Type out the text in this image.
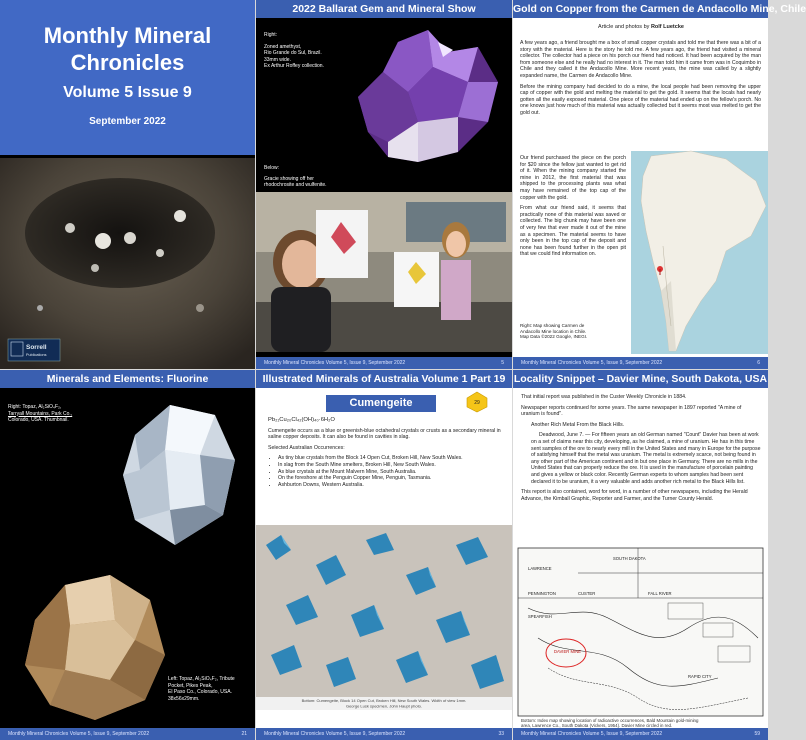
Monthly Mineral Chronicles
Volume 5 Issue 9
September 2022
Sorrell
Publications
2022 Ballarat Gem and Mineral Show
Right:
Zoned amethyst,
Rio Grande do Sul, Brazil.
33mm wide.
Ex Arthur Roffey collection.
Below:
Gracie showing off her
rhodochrosite and wulfenite.
Monthly Mineral Chronicles Volume 5, Issue 9, September 2022	5
Gold on Copper from the Carmen de Andacollo Mine, Chile
Article and photos by Rolf Luetcke

A few years ago, a friend brought me a box of small copper crystals and told me that there was a bit of a story with the material. Here is the story he told me. A few years ago, the friend had visited a mineral collector. The collector had a piece on his porch our friend had noticed. It had been acquired by the man from someone else and he really had no interest in it. The man told him it came from was in Coquimbo in Chile and they called it the Andacollo Mine. More recent years, the mine was called by a slightly expanded name, the Carmen de Andacollo Mine.

Before the mining company had decided to do a mine, the local people had been removing the upper cap of copper with the gold and melting the material to get the gold. It seems that the locals had nearly gotten all the easily exposed material. One piece of the material had ended up on the fellow's porch. No one knows just how much of this material was actually collected but it seems most was melted to get the gold out.

Our friend purchased the piece on the porch for $20 since the fellow just wanted to get rid of it. When the mining company started the mine in 2012, the first material that was shipped to the processing plants was what may have remained of the top cap of the copper with the gold.

From what our friend said, it seems that practically none of this material was saved or collected. The big chunk may have been one of very few that ever made it out of the mine as a specimen. The material seems to have only been in the top cap of the deposit and none has been found further in the open pit that we could find information on.

Right: Map showing Carmen de
Andacollo Mine location in Chile.
Map Data ©2022 Google, INEGI.
Monthly Mineral Chronicles Volume 5, Issue 9, September 2022	6
Minerals and Elements: Fluorine
Right: Topaz, Al₂SiO₄F₂,
Tarryall Mountains, Park Co.,
Colorado, USA. Thumbnail.
Left: Topaz, Al₂SiO₄F₂, Tribute
Pocket, Pikes Peak,
El Paso Co., Colorado, USA.
38x56x29mm.
Monthly Mineral Chronicles Volume 5, Issue 9, September 2022	21
Illustrated Minerals of Australia Volume 1 Part 19
Cumengeite	29

Pb₂₁Cu₂₀Cl₄₂(OH)₄₀·6H₂O

Cumengeite occurs as a blue or greenish-blue octahedral crystals or crusts as a secondary mineral in saline copper deposits. It can also be found in cavities in slag.

Selected Australian Occurrences:

• As tiny blue crystals from the Block 14 Open Cut, Broken Hill, New South Wales.
• In slag from the South Mine smelters, Broken Hill, New South Wales.
• As blue crystals at the Mount Malvern Mine, South Australia.
• On the foreshore at the Penguin Copper Mine, Penguin, Tasmania.
• Ashburton Downs, Western Australia.
Bottom: Cumengeite, Block 14 Open Cut, Broken Hill, New South Wales. Width of view 1mm.
George Lusk specimen, John Haupt photo.
Monthly Mineral Chronicles Volume 5, Issue 9, September 2022	33
Locality Snippet – Davier Mine, South Dakota, USA

That initial report was published in the Custer Weekly Chronicle in 1884.

Newspaper reports continued for some years. The same newspaper in 1897 reported "A mine of uranium is found".

Another Rich Metal From the Black Hills.

Deadwood, June 7. — For fifteen years an old German named "Count" Davier has been at work on a set of claims near this city, developing, as he claimed, a mine of uranium. He has in this time sent samples of the ore to nearly every mill in the United States and many in Europe for the purpose of satisfying himself that the metal was uranium. The metal is extremely scarce, not being found in any other part of the American continent and in but one place in Germany. There are no mills in the United States that can properly reduce the ore. It is used in the manufacture of porcelain painting and gives a yellow or black color. Recently German experts to whom samples had been sent declared it to be uranium, it a very valuable and adds another rich metal to the Black Hills list.

This report is also contained, word for word, in a number of other newspapers, including the Herald Advance, the Kimball Graphic, Reporter and Farmer, and the Turner County Herald.

LAWRENCE
SOUTH DAKOTA
PENNINGTON	CUSTER	FALL RIVER
RAPID CITY
DAVIER MINE
SPEARFISH
Bottom: Index map showing location of radioactive occurrences, Bald Mountain gold-mining
area, Lawrence Co., South Dakota (Vickers, 1954). Davier Mine circled in red.
Monthly Mineral Chronicles Volume 5, Issue 9, September 2022	59
